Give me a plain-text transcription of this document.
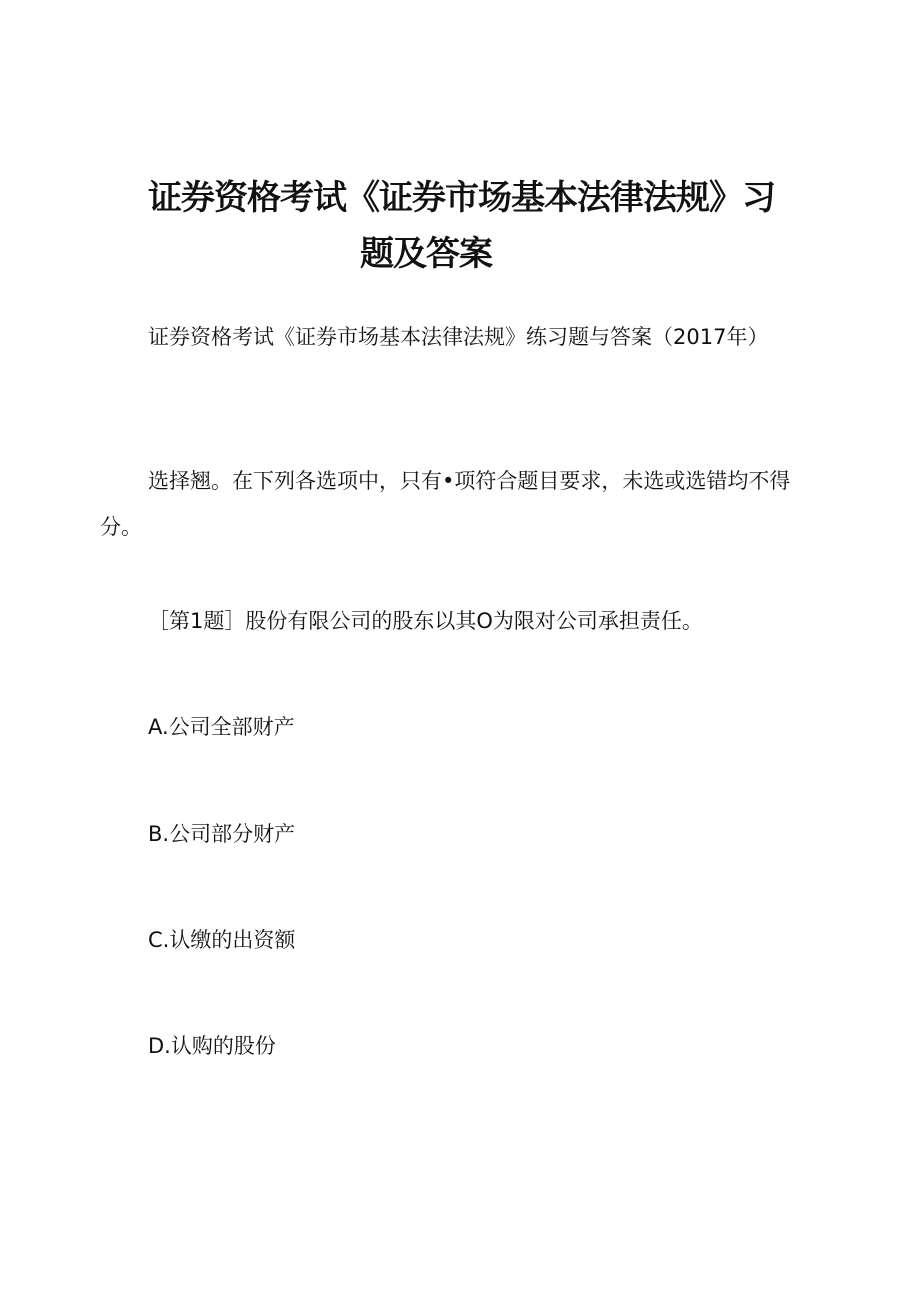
证券资格考试《证券市场基本法律法规》习
题及答案

证券资格考试《证券市场基本法律法规》练习题与答案（2017年）

选择翘。在下列各选项中，只有•项符合题目要求，未选或选错均不得分。

［第1题］股份有限公司的股东以其O为限对公司承担责任。

A.公司全部财产

B.公司部分财产

C.认缴的出资额

D.认购的股份
